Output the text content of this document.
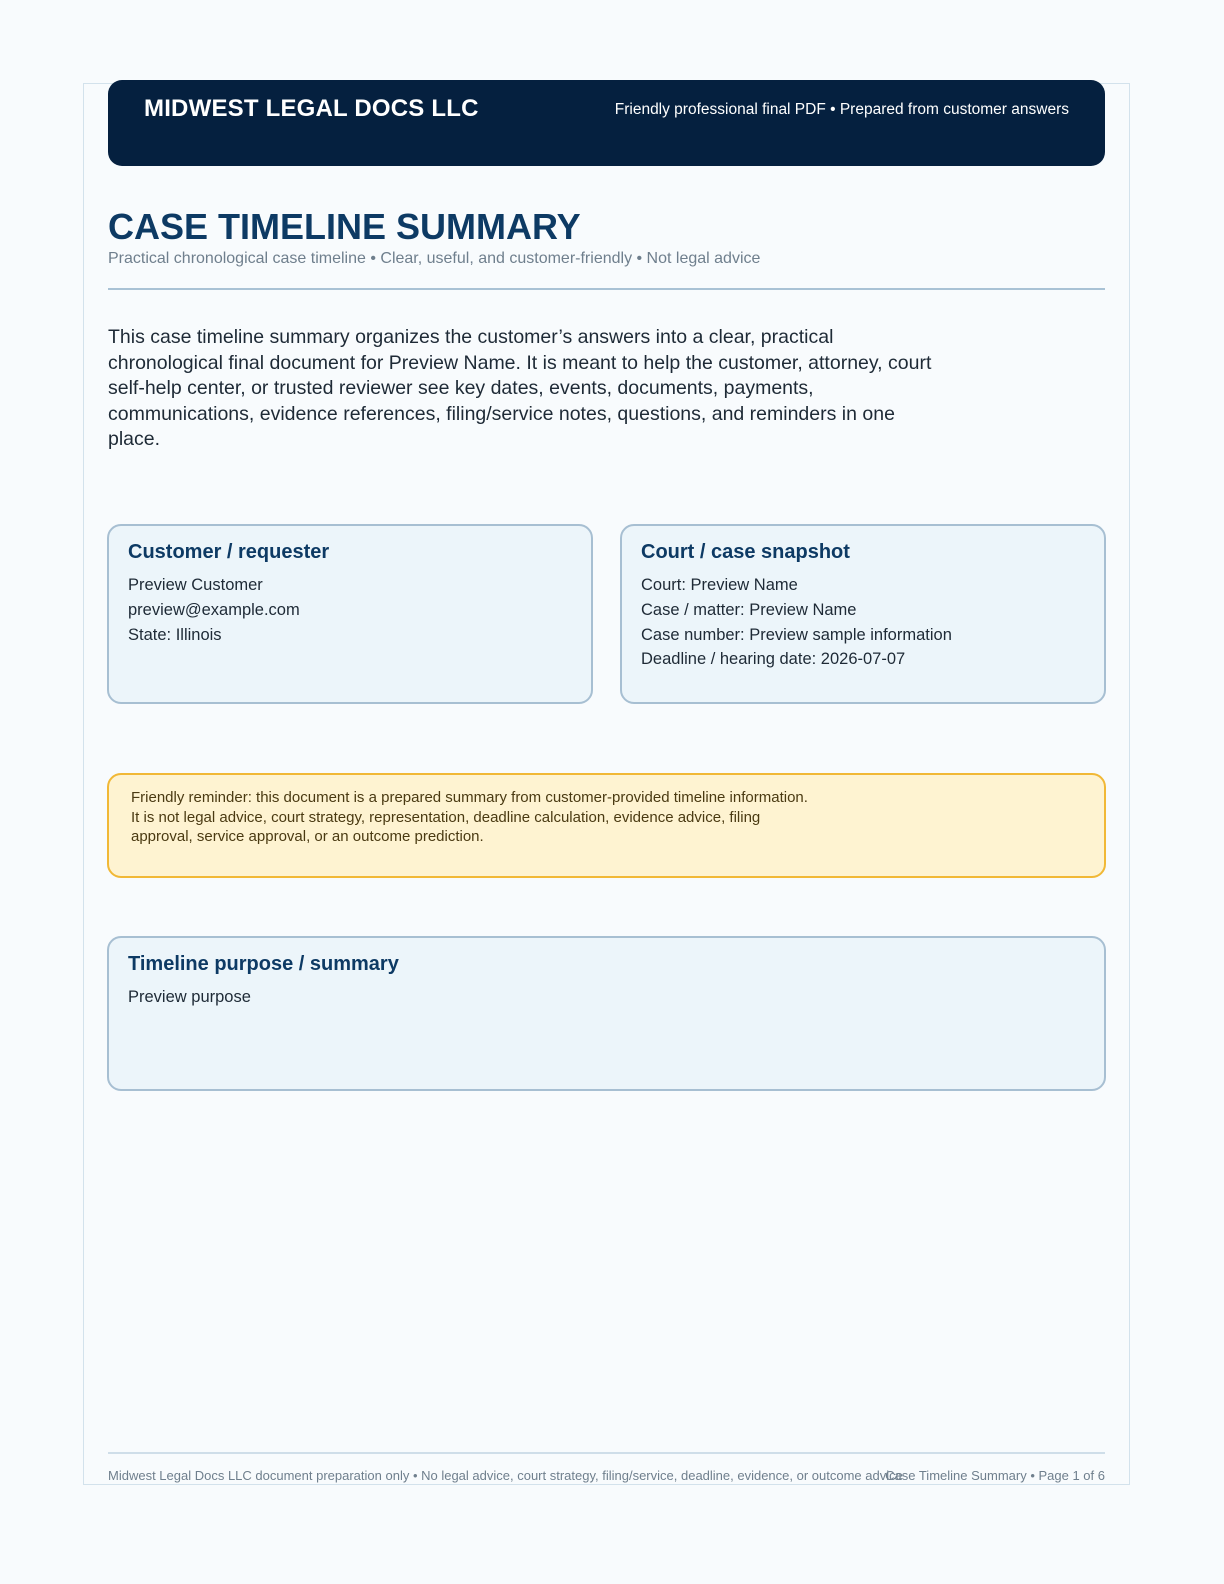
MIDWEST LEGAL DOCS LLC	Friendly professional final PDF • Prepared from customer answers
CASE TIMELINE SUMMARY
Practical chronological case timeline • Clear, useful, and customer-friendly • Not legal advice
This case timeline summary organizes the customer’s answers into a clear, practical chronological final document for Preview Name. It is meant to help the customer, attorney, court self-help center, or trusted reviewer see key dates, events, documents, payments, communications, evidence references, filing/service notes, questions, and reminders in one place.
Customer / requester
Preview Customer
preview@example.com
State: Illinois
Court / case snapshot
Court: Preview Name
Case / matter: Preview Name
Case number: Preview sample information
Deadline / hearing date: 2026-07-07
Friendly reminder: this document is a prepared summary from customer-provided timeline information. It is not legal advice, court strategy, representation, deadline calculation, evidence advice, filing approval, service approval, or an outcome prediction.
Timeline purpose / summary
Preview purpose
Midwest Legal Docs LLC document preparation only • No legal advice, court strategy, filing/service, deadline, evidence, or outcome advice
Case Timeline Summary • Page 1 of 6
